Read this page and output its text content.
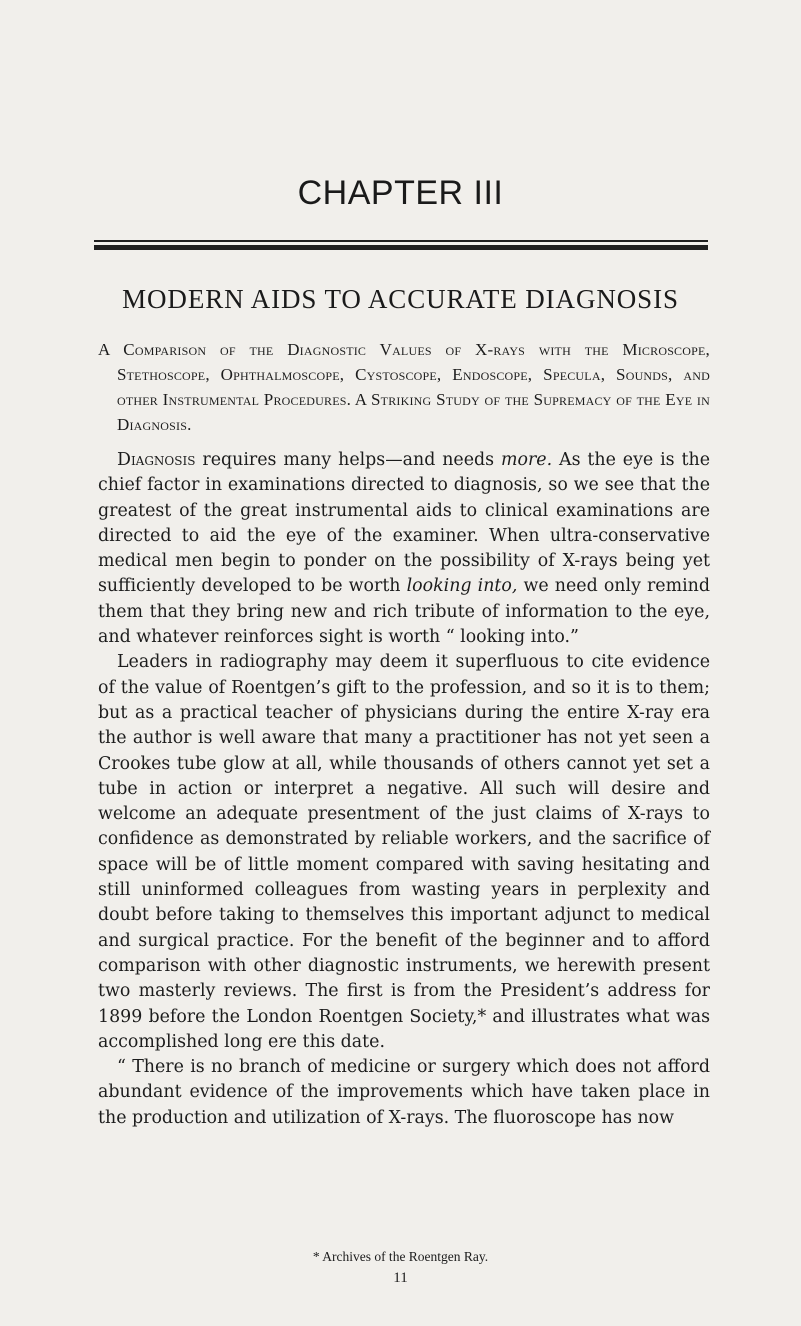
CHAPTER III
MODERN AIDS TO ACCURATE DIAGNOSIS
A Comparison of the Diagnostic Values of X-rays with the Microscope, Stethoscope, Ophthalmoscope, Cystoscope, Endoscope, Specula, Sounds, and other Instrumental Procedures. A Striking Study of the Supremacy of the Eye in Diagnosis.

Diagnosis requires many helps—and needs more. As the eye is the chief factor in examinations directed to diagnosis, so we see that the greatest of the great instrumental aids to clinical examinations are directed to aid the eye of the examiner. When ultra-conservative medical men begin to ponder on the possibility of X-rays being yet sufficiently developed to be worth looking into, we need only remind them that they bring new and rich tribute of information to the eye, and whatever reinforces sight is worth “ looking into.”

Leaders in radiography may deem it superfluous to cite evidence of the value of Roentgen’s gift to the profession, and so it is to them; but as a practical teacher of physicians during the entire X-ray era the author is well aware that many a practitioner has not yet seen a Crookes tube glow at all, while thousands of others cannot yet set a tube in action or interpret a negative. All such will desire and welcome an adequate presentment of the just claims of X-rays to confidence as demonstrated by reliable workers, and the sacrifice of space will be of little moment compared with saving hesitating and still uninformed colleagues from wasting years in perplexity and doubt before taking to themselves this important adjunct to medical and surgical practice. For the benefit of the beginner and to afford comparison with other diagnostic instruments, we herewith present two masterly reviews. The first is from the President’s address for 1899 before the London Roentgen Society,* and illustrates what was accomplished long ere this date.

“ There is no branch of medicine or surgery which does not afford abundant evidence of the improvements which have taken place in the production and utilization of X-rays. The fluoroscope has now

* Archives of the Roentgen Ray.
11
